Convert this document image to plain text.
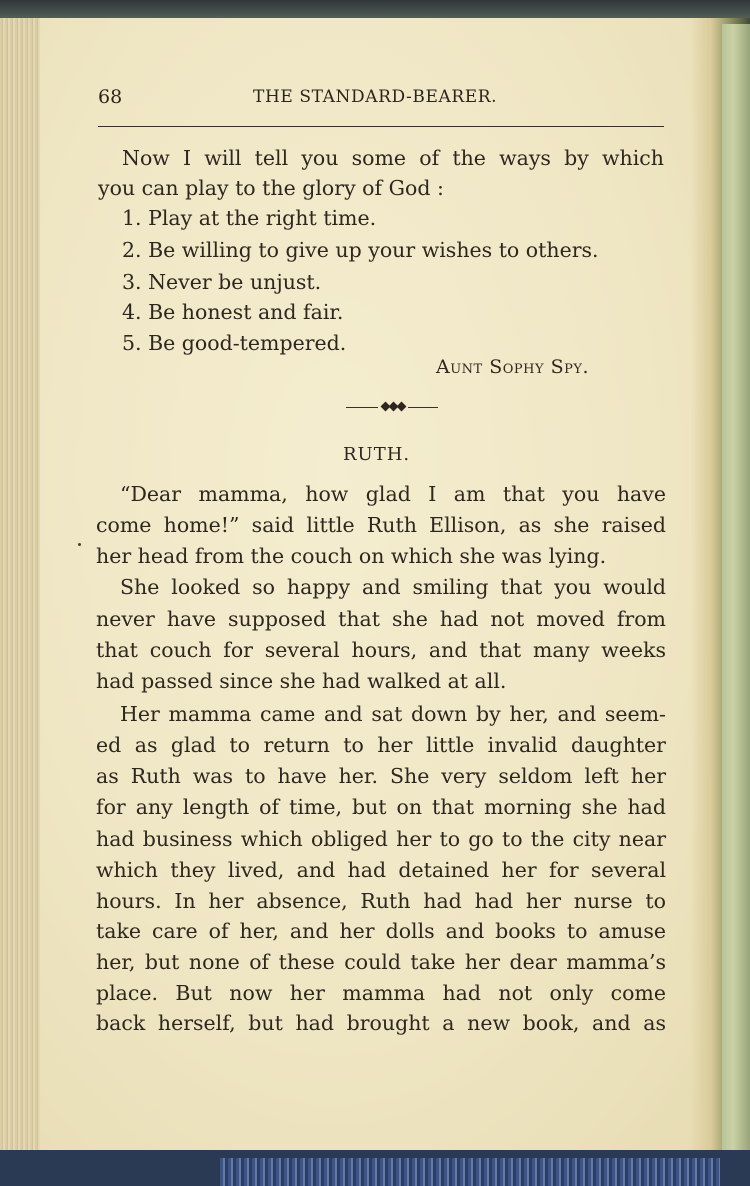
68	THE STANDARD-BEARER.
Now I will tell you some of the ways by which
you can play to the glory of God :
1. Play at the right time.
2. Be willing to give up your wishes to others.
3. Never be unjust.
4. Be honest and fair.
5. Be good-tempered.
Aunt Sophy Spy.
RUTH.
“Dear mamma, how glad I am that you have
come home!” said little Ruth Ellison, as she raised
her head from the couch on which she was lying.
She looked so happy and smiling that you would
never have supposed that she had not moved from
that couch for several hours, and that many weeks
had passed since she had walked at all.
Her mamma came and sat down by her, and seem-
ed as glad to return to her little invalid daughter
as Ruth was to have her. She very seldom left her
for any length of time, but on that morning she had
had business which obliged her to go to the city near
which they lived, and had detained her for several
hours. In her absence, Ruth had had her nurse to
take care of her, and her dolls and books to amuse
her, but none of these could take her dear mamma’s
place. But now her mamma had not only come
back herself, but had brought a new book, and as
